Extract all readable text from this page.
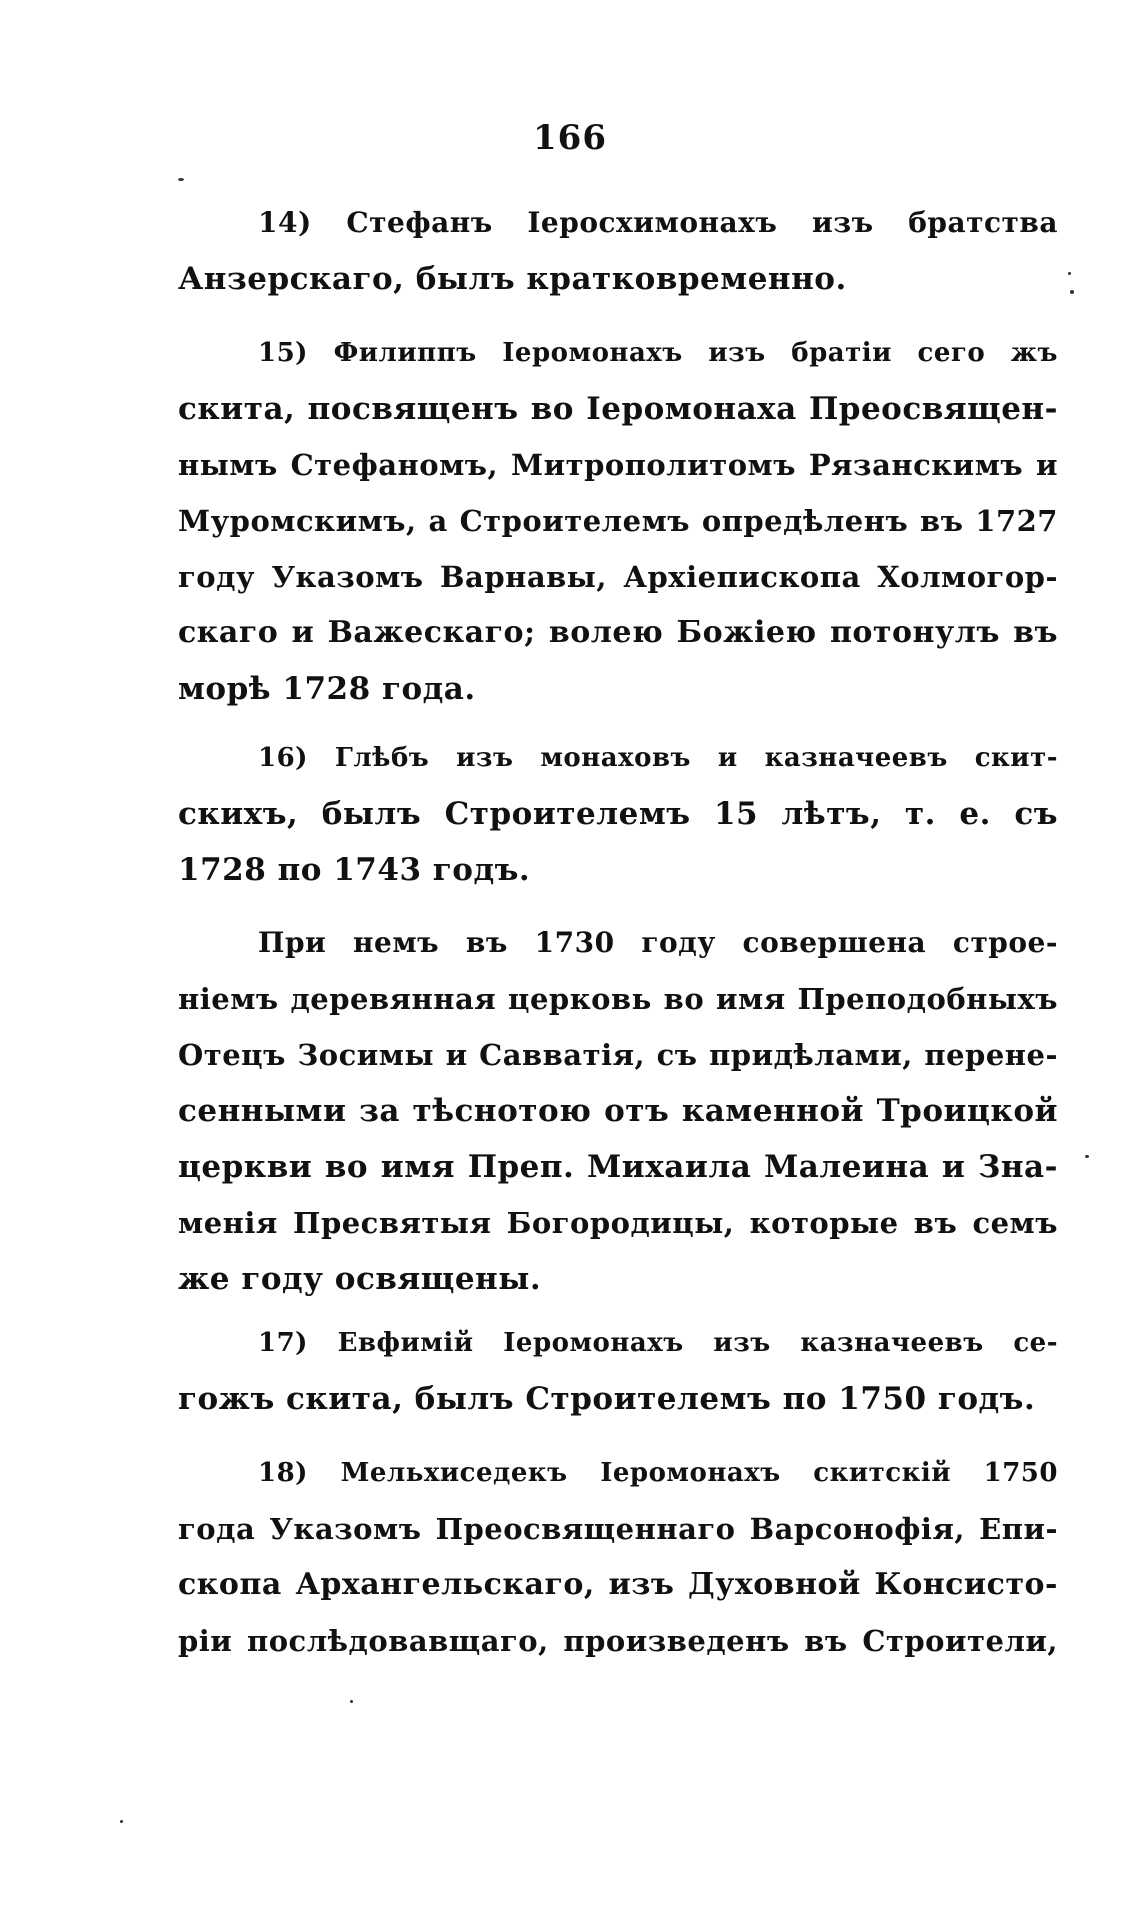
166
14) Стефанъ Іеросхимонахъ изъ братства
Анзерскаго, былъ кратковременно.
15) Филиппъ Іеромонахъ изъ братіи сего жъ
скита, посвященъ во Іеромонаха Преосвящен-
нымъ Стефаномъ, Митрополитомъ Рязанскимъ и
Муромскимъ, а Строителемъ опредѣленъ въ 1727
году Указомъ Варнавы, Архіепископа Холмогор-
скаго и Важескаго; волею Божіею потонулъ въ
морѣ 1728 года.
16) Глѣбъ изъ монаховъ и казначеевъ скит-
скихъ, былъ Строителемъ 15 лѣтъ, т. е. съ
1728 по 1743 годъ.
При немъ въ 1730 году совершена строе-
ніемъ деревянная церковь во имя Преподобныхъ
Отецъ Зосимы и Савватія, съ придѣлами, перене-
сенными за тѣснотою отъ каменной Троицкой
церкви во имя Преп. Михаила Малеина и Зна-
менія Пресвятыя Богородицы, которые въ семъ
же году освящены.
17) Евфимій Іеромонахъ изъ казначеевъ се-
гожъ скита, былъ Строителемъ по 1750 годъ.
18) Мельхиседекъ Іеромонахъ скитскій 1750
года Указомъ Преосвященнаго Варсонофія, Епи-
скопа Архангельскаго, изъ Духовной Консисто-
ріи послѣдовавщаго, произведенъ въ Строители,
